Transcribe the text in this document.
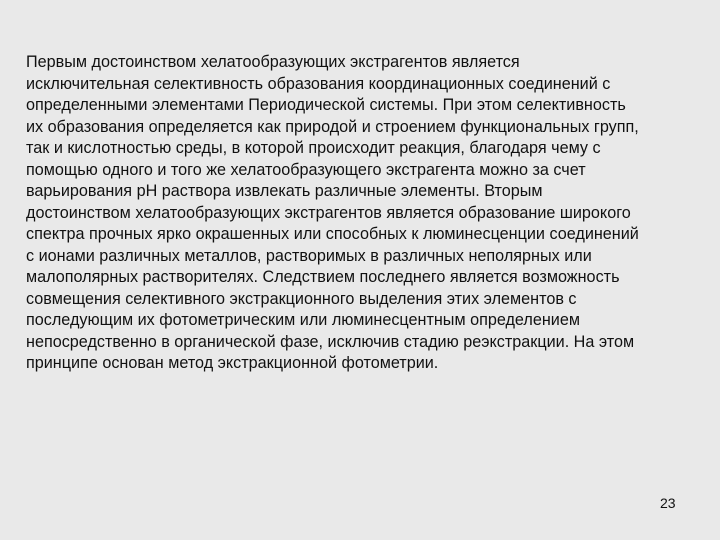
Первым достоинством хелатообразующих экстрагентов является
исключительная селективность образования координационных соединений с
определенными элементами Периодической системы. При этом селективность
их образования определяется как природой и строением функциональных групп,
так и кислотностью среды, в которой происходит реакция, благодаря чему с
помощью одного и того же хелатообразующего экстрагента можно за счет
варьирования рН раствора извлекать различные элементы. Вторым
достоинством хелатообразующих экстрагентов является образование широкого
спектра прочных ярко окрашенных или способных к люминесценции соединений
с ионами различных металлов, растворимых в различных неполярных или
малополярных растворителях. Следствием последнего является возможность
совмещения селективного экстракционного выделения этих элементов с
последующим их фотометрическим или люминесцентным определением
непосредственно в органической фазе, исключив стадию реэкстракции. На этом
принципе основан метод экстракционной фотометрии.

23
